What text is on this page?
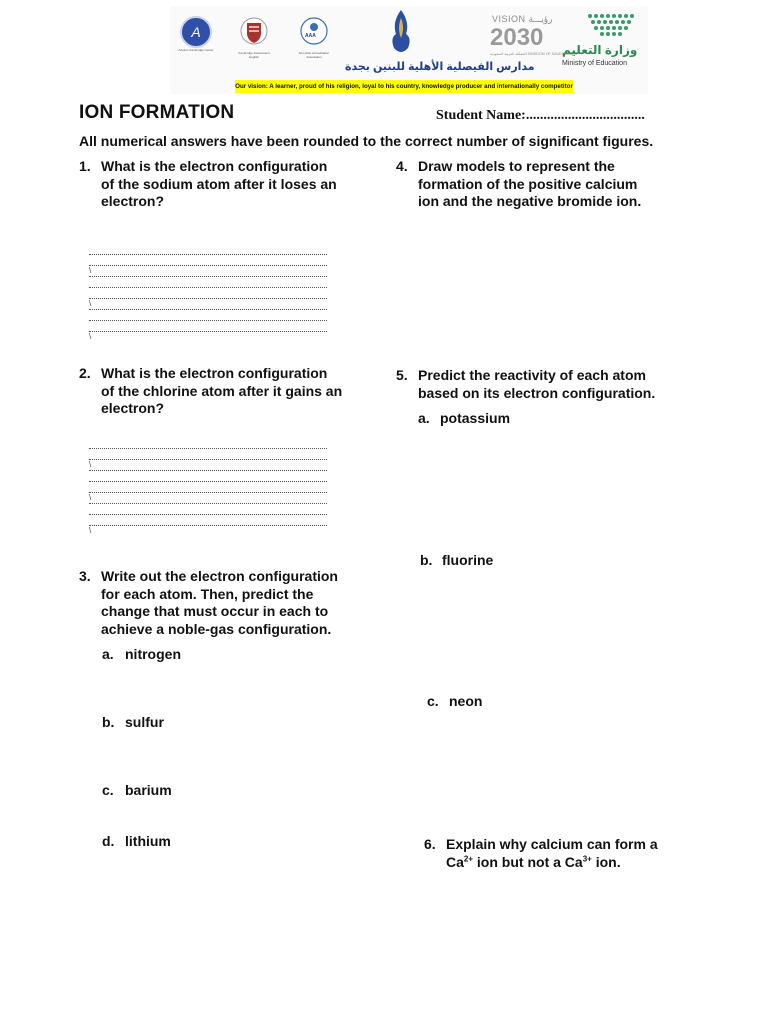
A
Advanc Cambridge Center
Cambridge Assessment English
AAA
American Accreditation Association
مدارس الفيصلية الأهلية للبنين بجدة
VISION رؤيـــة
2030
المملكة العربية السعودية KINGDOM OF SAUDI ARABIA
وزارة التعليم
Ministry of Education
Our vision: A learner, proud of his religion, loyal to his country, knowledge producer and internationally competitor
ION FORMATION	Student Name:..................................
All numerical answers have been rounded to the correct number of significant figures.
1. What is the electron configuration
of the sodium atom after it loses an
electron?
\
\
\
2. What is the electron configuration
of the chlorine atom after it gains an
electron?
\
\
\
3. Write out the electron configuration
for each atom. Then, predict the
change that must occur in each to
achieve a noble-gas configuration.
a. nitrogen
b. sulfur
c. barium
d. lithium
4. Draw models to represent the
formation of the positive calcium
ion and the negative bromide ion.
5. Predict the reactivity of each atom
based on its electron configuration.
a. potassium
b. fluorine
c. neon
6. Explain why calcium can form a
$Ca^{2+}$ ion but not a $Ca^{3+}$ ion.
